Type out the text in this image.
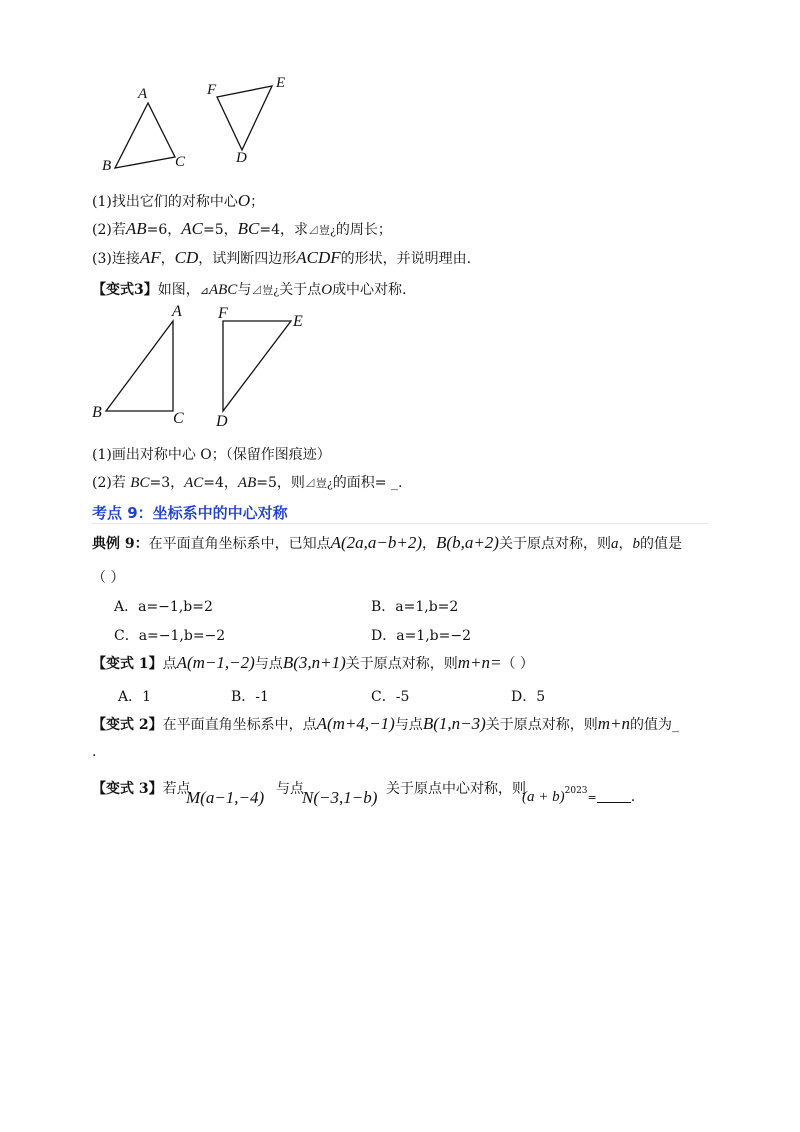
A
B	C
F	E
D
(1)找出它们的对称中心O；
(2)若AB=6，AC=5，BC=4，求⊿豈¿的周长；
(3)连接AF，CD，试判断四边形ACDF的形状，并说明理由.
【变式3】如图，⊿ABC与⊿豈¿关于点O成中心对称.
A
B	C
F	E
D
(1)画出对称中心 O；（保留作图痕迹）
(2)若 BC=3，AC=4，AB=5，则⊿豈¿的面积= _.
考点 9：坐标系中的中心对称
典例 9：在平面直角坐标系中，已知点A(2a,a−b+2)，B(b,a+2)关于原点对称，则a，b的值是
（ ）
A．a=−1,b=2	B．a=1,b=2
C．a=−1,b=−2	D．a=1,b=−2
【变式 1】点A(m−1,−2)与点B(3,n+1)关于原点对称，则m+n=（ ）
A．1	B．-1	C．-5	D．5
【变式 2】在平面直角坐标系中，点A(m+4,−1)与点B(1,n−3)关于原点对称，则m+n的值为_
.
【变式 3】若点
M(a−1,−4) 与点
N(−3,1−b) 关于原点中心对称，则
$(a + b)^{2023}=$ .
